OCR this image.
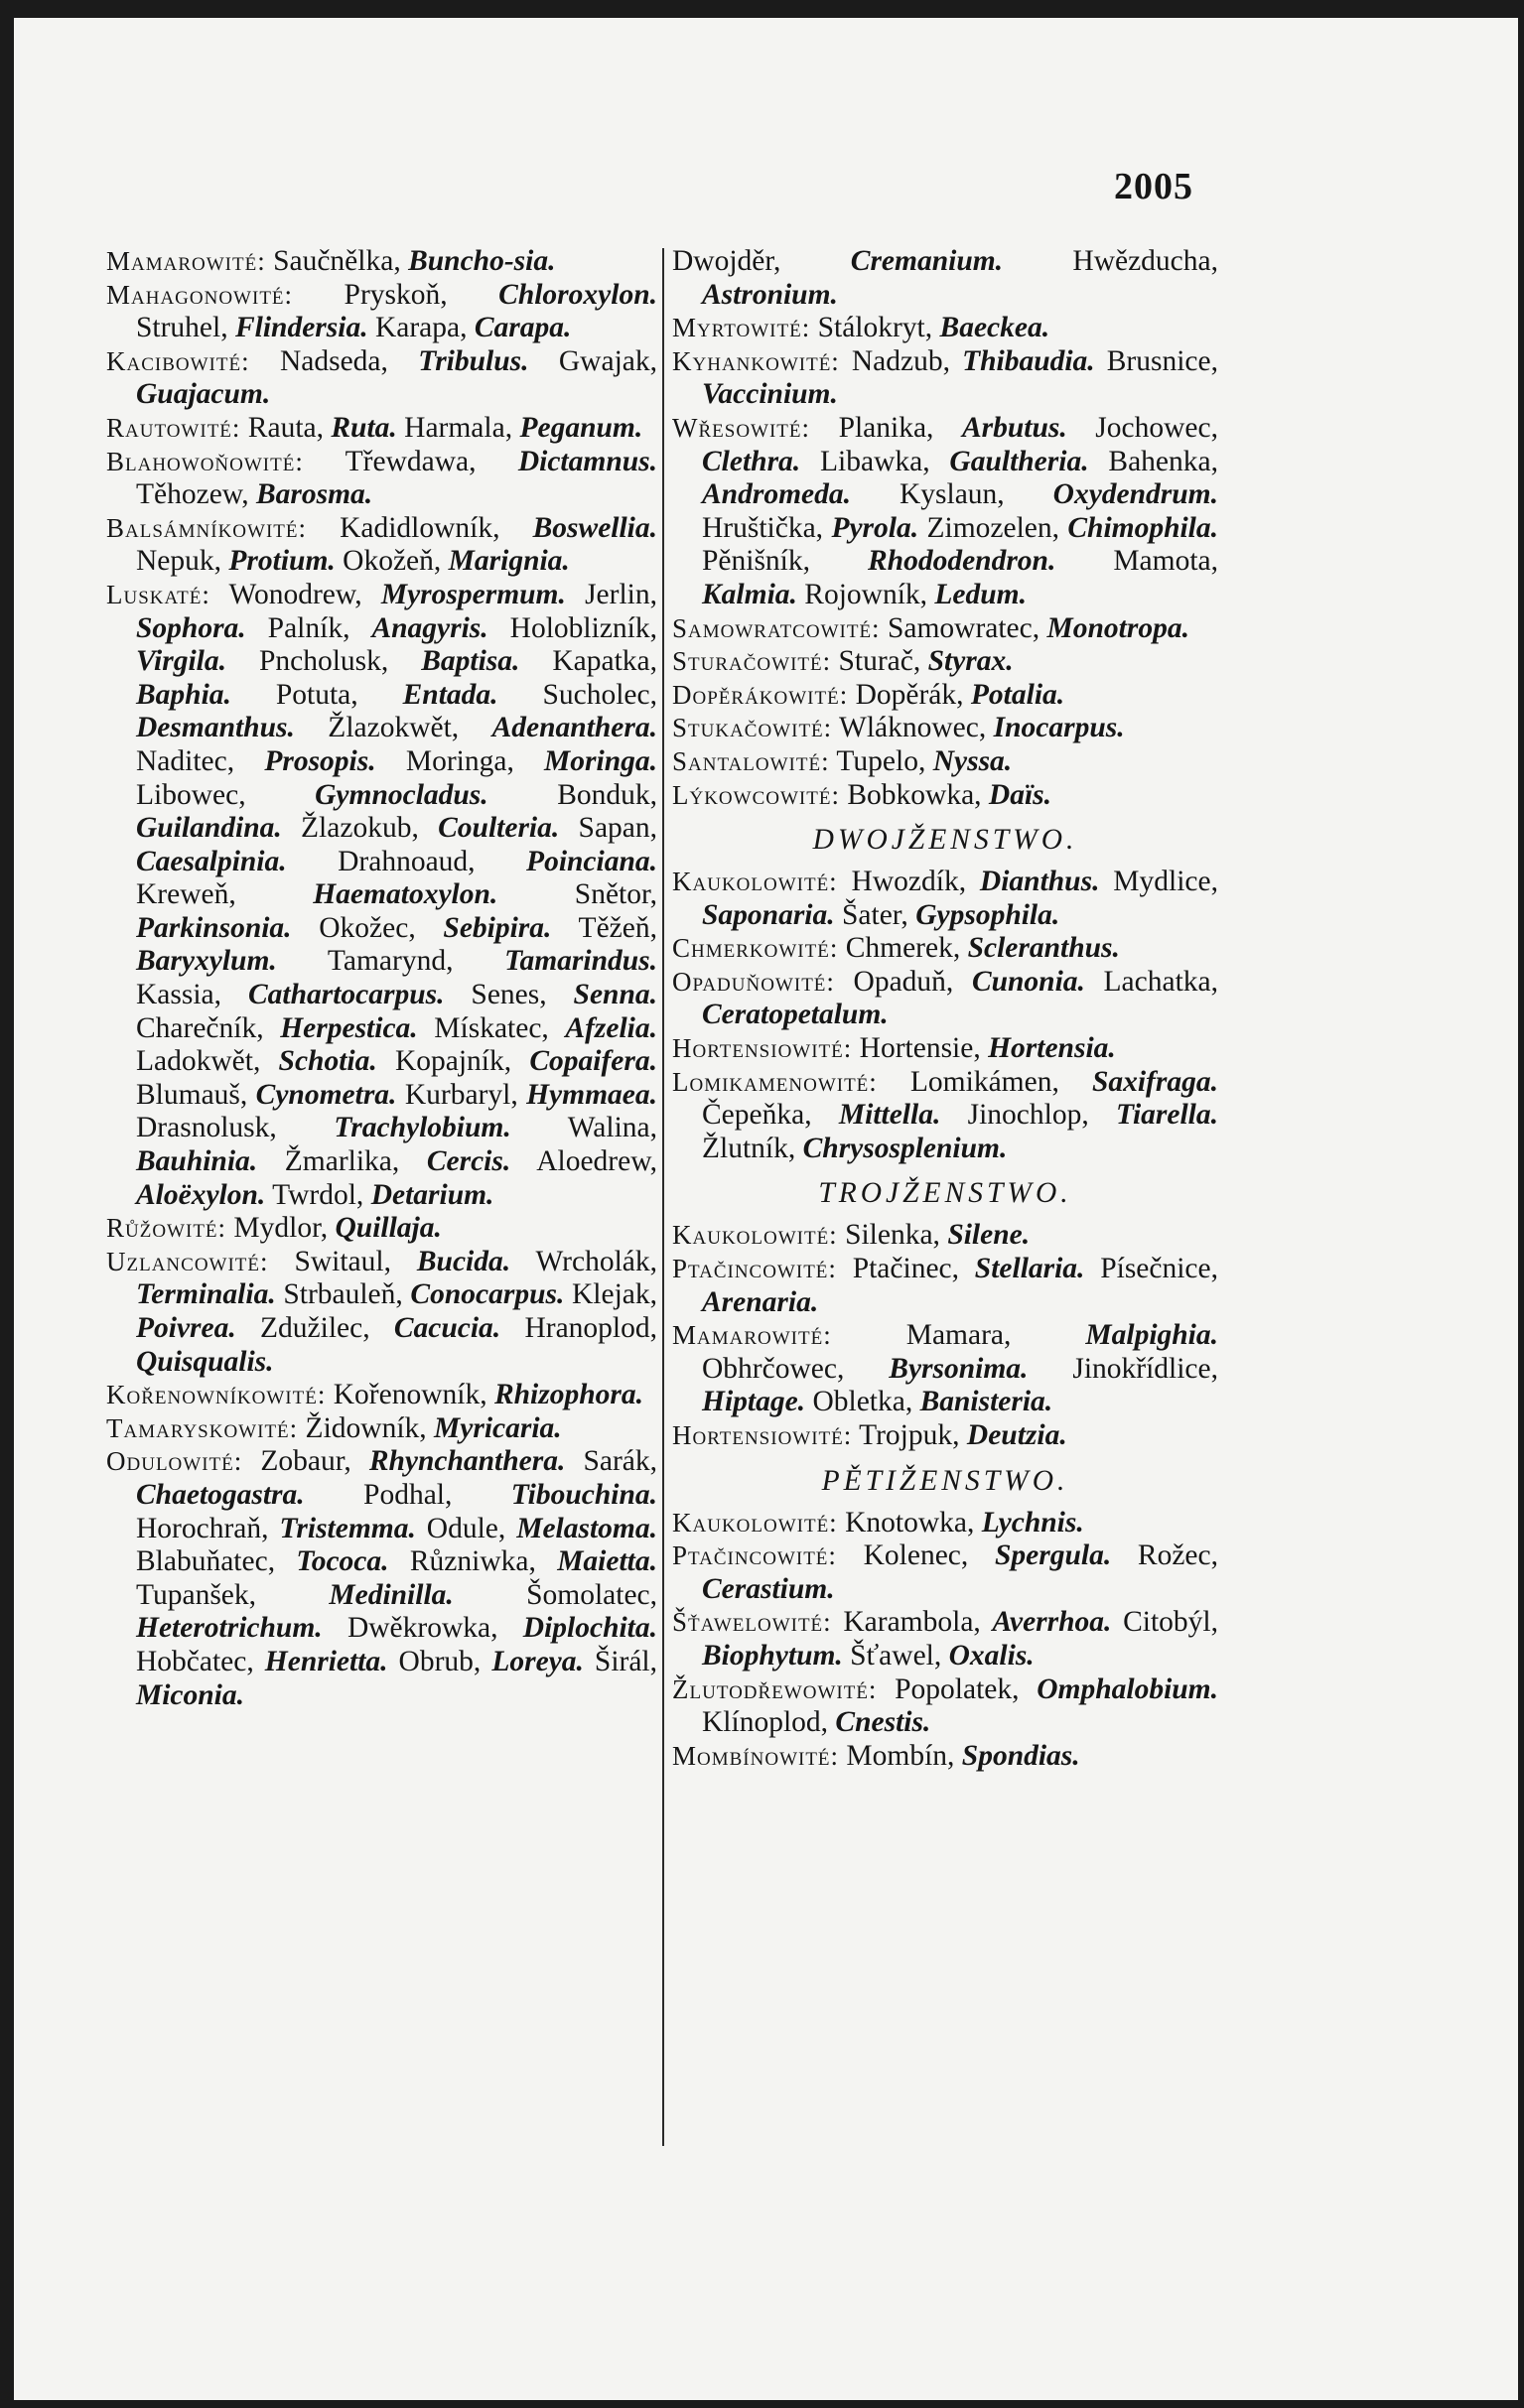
2005

Mamarowité: Saučnělka, Buncho-sia.

Mahagonowité: Pryskoň, Chloroxylon. Struhel, Flindersia. Karapa, Carapa.

Kacibowité: Nadseda, Tribulus. Gwajak, Guajacum.

Rautowité: Rauta, Ruta. Harmala, Peganum.

Blahowoňowité: Třewdawa, Dictamnus. Těhozew, Barosma.

Balsámníkowité: Kadidlowník, Boswellia. Nepuk, Protium. Okožeň, Marignia.

Luskaté: Wonodrew, Myrospermum. Jerlin, Sophora. Palník, Anagyris. Holoblizník, Virgila. Pncholusk, Baptisa. Kapatka, Baphia. Potuta, Entada. Sucholec, Desmanthus. Žlazokwět, Adenanthera. Naditec, Prosopis. Moringa, Moringa. Libowec, Gymnocladus. Bonduk, Guilandina. Žlazokub, Coulteria. Sapan, Caesalpinia. Drahnoaud, Poinciana. Kreweň, Haematoxylon. Snětor, Parkinsonia. Okožec, Sebipira. Těžeň, Baryxylum. Tamarynd, Tamarindus. Kassia, Cathartocarpus. Senes, Senna. Charečník, Herpestica. Mískatec, Afzelia. Ladokwět, Schotia. Kopajník, Copaifera. Blumauš, Cynometra. Kurbaryl, Hymmaea. Drasnolusk, Trachylobium. Walina, Bauhinia. Žmarlika, Cercis. Aloedrew, Aloëxylon. Twrdol, Detarium.

Růžowité: Mydlor, Quillaja.

Uzlancowité: Switaul, Bucida. Wrcholák, Terminalia. Strbauleň, Conocarpus. Klejak, Poivrea. Zdužilec, Cacucia. Hranoplod, Quisqualis.

Kořenowníkowité: Kořenowník, Rhizophora.

Tamaryskowité: Židowník, Myricaria.

Odulowité: Zobaur, Rhynchanthera. Sarák, Chaetogastra. Podhal, Tibouchina. Horochraň, Tristemma. Odule, Melastoma. Blabuňatec, Tococa. Různiwka, Maietta. Tupanšek, Medinilla. Šomolatec, Heterotrichum. Dwěkrowka, Diplochita. Hobčatec, Henrietta. Obrub, Loreya. Širál, Miconia.

Dwojděr, Cremanium. Hwězducha, Astronium.

Myrtowité: Stálokryt, Baeckea.

Kyhankowité: Nadzub, Thibaudia. Brusnice, Vaccinium.

Wřesowité: Planika, Arbutus. Jochowec, Clethra. Libawka, Gaultheria. Bahenka, Andromeda. Kyslaun, Oxydendrum. Hruštička, Pyrola. Zimozelen, Chimophila. Pěnišník, Rhododendron. Mamota, Kalmia. Rojowník, Ledum.

Samowratcowité: Samowratec, Monotropa.

Sturačowité: Sturač, Styrax.

Dopěrákowité: Dopěrák, Potalia.

Stukačowité: Wláknowec, Inocarpus.

Santalowité: Tupelo, Nyssa.

Lýkowcowité: Bobkowka, Daïs.

DWOJŽENSTWO.

Kaukolowité: Hwozdík, Dianthus. Mydlice, Saponaria. Šater, Gypsophila.

Chmerkowité: Chmerek, Scleranthus.

Opaduňowité: Opaduň, Cunonia. Lachatka, Ceratopetalum.

Hortensiowité: Hortensie, Hortensia.

Lomikamenowité: Lomikámen, Saxifraga. Čepeňka, Mittella. Jinochlop, Tiarella. Žlutník, Chrysosplenium.

TROJŽENSTWO.

Kaukolowité: Silenka, Silene.

Ptačincowité: Ptačinec, Stellaria. Písečnice, Arenaria.

Mamarowité: Mamara, Malpighia. Obhrčowec, Byrsonima. Jinokřídlice, Hiptage. Obletka, Banisteria.

Hortensiowité: Trojpuk, Deutzia.

PĚTIŽENSTWO.

Kaukolowité: Knotowka, Lychnis.

Ptačincowité: Kolenec, Spergula. Rožec, Cerastium.

Šťawelowité: Karambola, Averrhoa. Citobýl, Biophytum. Šťawel, Oxalis.

Žlutodřewowité: Popolatek, Omphalobium. Klínoplod, Cnestis.

Mombínowité: Mombín, Spondias.
